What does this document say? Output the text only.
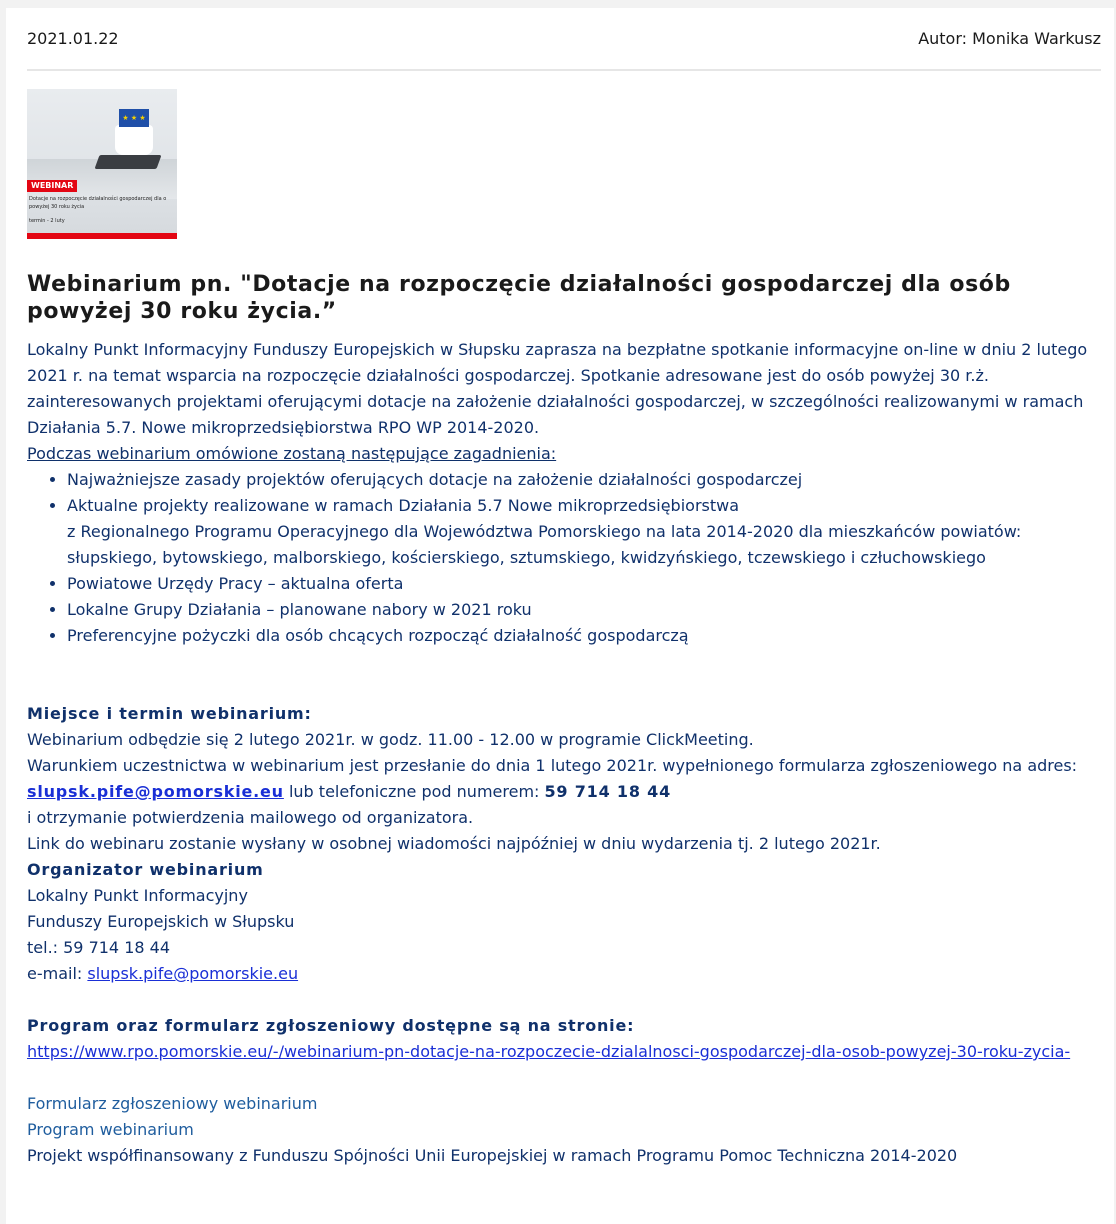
2021.01.22	Autor: Monika Warkusz
★ ★ ★
WEBINAR
Dotacje na rozpoczęcie działalności gospodarczej dla o
powyżej 30 roku życia
termin - 2 luty
Webinarium pn. "Dotacje na rozpoczęcie działalności gospodarczej dla osób powyżej 30 roku życia.”

Lokalny Punkt Informacyjny Funduszy Europejskich w Słupsku zaprasza na bezpłatne spotkanie informacyjne on-line w dniu 2 lutego 2021 r. na temat wsparcia na rozpoczęcie działalności gospodarczej. Spotkanie adresowane jest do osób powyżej 30 r.ż. zainteresowanych projektami oferującymi dotacje na założenie działalności gospodarczej, w szczególności realizowanymi w ramach Działania 5.7. Nowe mikroprzedsiębiorstwa RPO WP 2014-2020.

Podczas webinarium omówione zostaną następujące zagadnienia:

• Najważniejsze zasady projektów oferujących dotacje na założenie działalności gospodarczej
• Aktualne projekty realizowane w ramach Działania 5.7 Nowe mikroprzedsiębiorstwa
z Regionalnego Programu Operacyjnego dla Województwa Pomorskiego na lata 2014-2020 dla mieszkańców powiatów: słupskiego, bytowskiego, malborskiego, kościerskiego, sztumskiego, kwidzyńskiego, tczewskiego i człuchowskiego
• Powiatowe Urzędy Pracy – aktualna oferta
• Lokalne Grupy Działania – planowane nabory w 2021 roku
• Preferencyjne pożyczki dla osób chcących rozpocząć działalność gospodarczą

Miejsce i termin webinarium:

Webinarium odbędzie się 2 lutego 2021r. w godz. 11.00 - 12.00 w programie ClickMeeting.

Warunkiem uczestnictwa w webinarium jest przesłanie do dnia 1 lutego 2021r. wypełnionego formularza zgłoszeniowego na adres: slupsk.pife@pomorskie.eu lub telefoniczne pod numerem: 59 714 18 44

i otrzymanie potwierdzenia mailowego od organizatora.

Link do webinaru zostanie wysłany w osobnej wiadomości najpóźniej w dniu wydarzenia tj. 2 lutego 2021r.

Organizator webinarium

Lokalny Punkt Informacyjny

Funduszy Europejskich w Słupsku

tel.: 59 714 18 44

e-mail: slupsk.pife@pomorskie.eu

Program oraz formularz zgłoszeniowy dostępne są na stronie:

https://www.rpo.pomorskie.eu/-/webinarium-pn-dotacje-na-rozpoczecie-dzialalnosci-gospodarczej-dla-osob-powyzej-30-roku-zycia-

Formularz zgłoszeniowy webinarium
Program webinarium

Projekt współfinansowany z Funduszu Spójności Unii Europejskiej w ramach Programu Pomoc Techniczna 2014-2020
